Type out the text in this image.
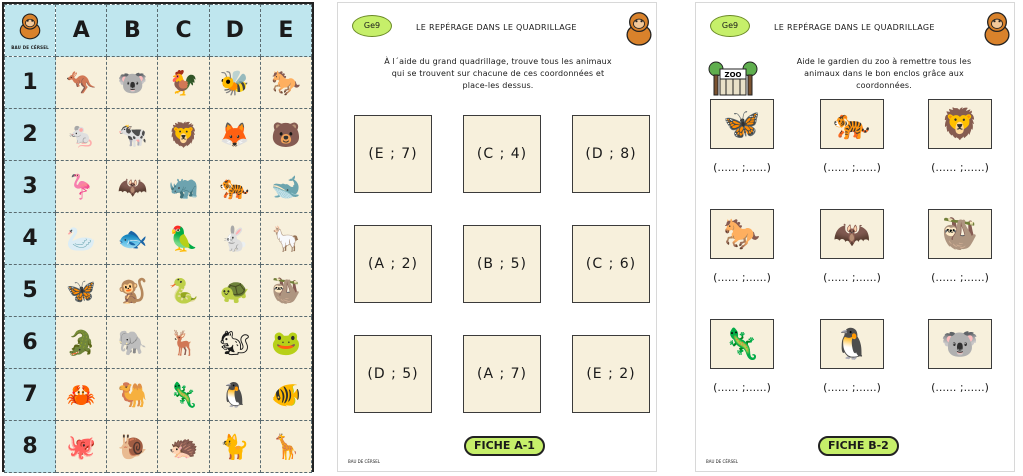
BAU DE CÉRSEL	A	B	C	D	E
1	🦘	🐨	🐓	🐝	🐎
2	🐁	🐄	🦁	🦊	🐻
3	🦩	🦇	🦏	🐅	🐋
4	🦢	🐟	🦜	🐇	🦙
5	🦋	🐒	🐍	🐢	🦥
6	🐊	🐘	🦌	🐿	🐸
7	🦀	🐫	🦎	🐧	🐠
8	🐙	🐌	🦔	🐈	🦒
Ge9	LE REPÉRAGE DANS LE QUADRILLAGE
À l´aide du grand quadrillage, trouve tous les animaux
qui se trouvent sur chacune de ces coordonnées et
place-les dessus.
(E ; 7)	(C ; 4)	(D ; 8)
(A ; 2)	(B ; 5)	(C ; 6)
(D ; 5)	(A ; 7)	(E ; 2)
FICHE A-1
BAU DE CÉRSEL
Ge9	LE REPÉRAGE DANS LE QUADRILLAGE
ZOO
Aide le gardien du zoo à remettre tous les
animaux dans le bon enclos grâce aux
coordonnées.
🦋
(...... ;......)
🐅
(...... ;......)
🦁
(...... ;......)
🐎
(...... ;......)
🦇
(...... ;......)
🦥
(...... ;......)
🦎
(...... ;......)
🐧
(...... ;......)
🐨
(...... ;......)
FICHE B-2
BAU DE CÉRSEL
